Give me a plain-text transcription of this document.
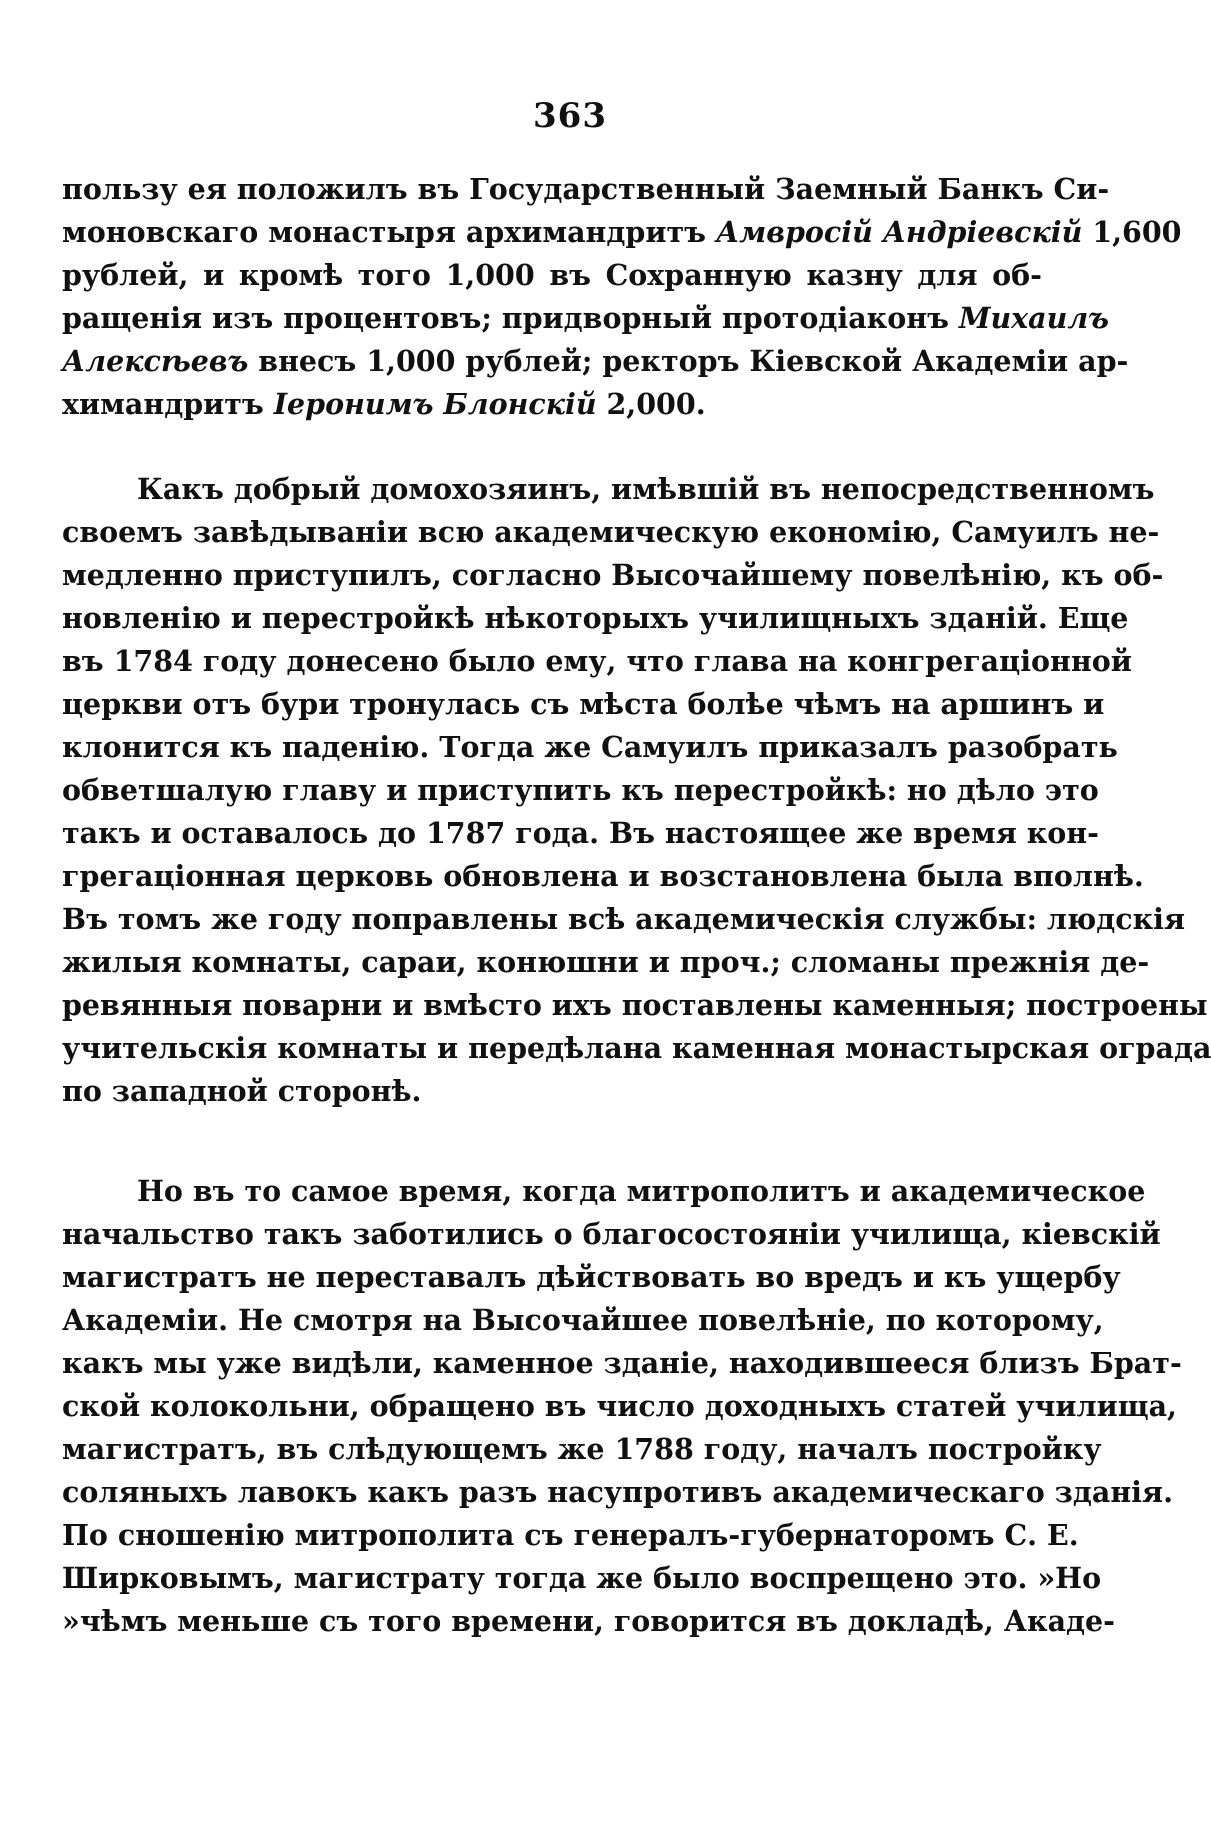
363
пользу ея положилъ въ Государственный Заемный Банкъ Си-
моновскаго монастыря архимандритъ Амвросій Андріевскій 1,600
рублей, и кромѣ того 1,000 въ Сохранную казну для об-
ращенія изъ процентовъ; придворный протодіаконъ Михаилъ
Алексѣевъ внесъ 1,000 рублей; ректоръ Кіевской Академіи ар-
химандритъ Іеронимъ Блонскій 2,000.
Какъ добрый домохозяинъ, имѣвшій въ непосредственномъ
своемъ завѣдываніи всю академическую економію, Самуилъ не-
медленно приступилъ, согласно Высочайшему повелѣнію, къ об-
новленію и перестройкѣ нѣкоторыхъ училищныхъ зданій. Еще
въ 1784 году донесено было ему, что глава на конгрегаціонной
церкви отъ бури тронулась съ мѣста болѣе чѣмъ на аршинъ и
клонится къ паденію. Тогда же Самуилъ приказалъ разобрать
обветшалую главу и приступить къ перестройкѣ: но дѣло это
такъ и оставалось до 1787 года. Въ настоящее же время кон-
грегаціонная церковь обновлена и возстановлена была вполнѣ.
Въ томъ же году поправлены всѣ академическія службы: людскія
жилыя комнаты, сараи, конюшни и проч.; сломаны прежнія де-
ревянныя поварни и вмѣсто ихъ поставлены каменныя; построены
учительскія комнаты и передѣлана каменная монастырская ограда
по западной сторонѣ.
Но въ то самое время, когда митрополитъ и академическое
начальство такъ заботились о благосостояніи училища, кіевскій
магистратъ не переставалъ дѣйствовать во вредъ и къ ущербу
Академіи. Не смотря на Высочайшее повелѣніе, по которому,
какъ мы уже видѣли, каменное зданіе, находившееся близъ Брат-
ской колокольни, обращено въ число доходныхъ статей училища,
магистратъ, въ слѣдующемъ же 1788 году, началъ постройку
соляныхъ лавокъ какъ разъ насупротивъ академическаго зданія.
По сношенію митрополита съ генералъ-губернаторомъ С. Е.
Ширковымъ, магистрату тогда же было воспрещено это. »Но
»чѣмъ меньше съ того времени, говорится въ докладѣ, Акаде-
